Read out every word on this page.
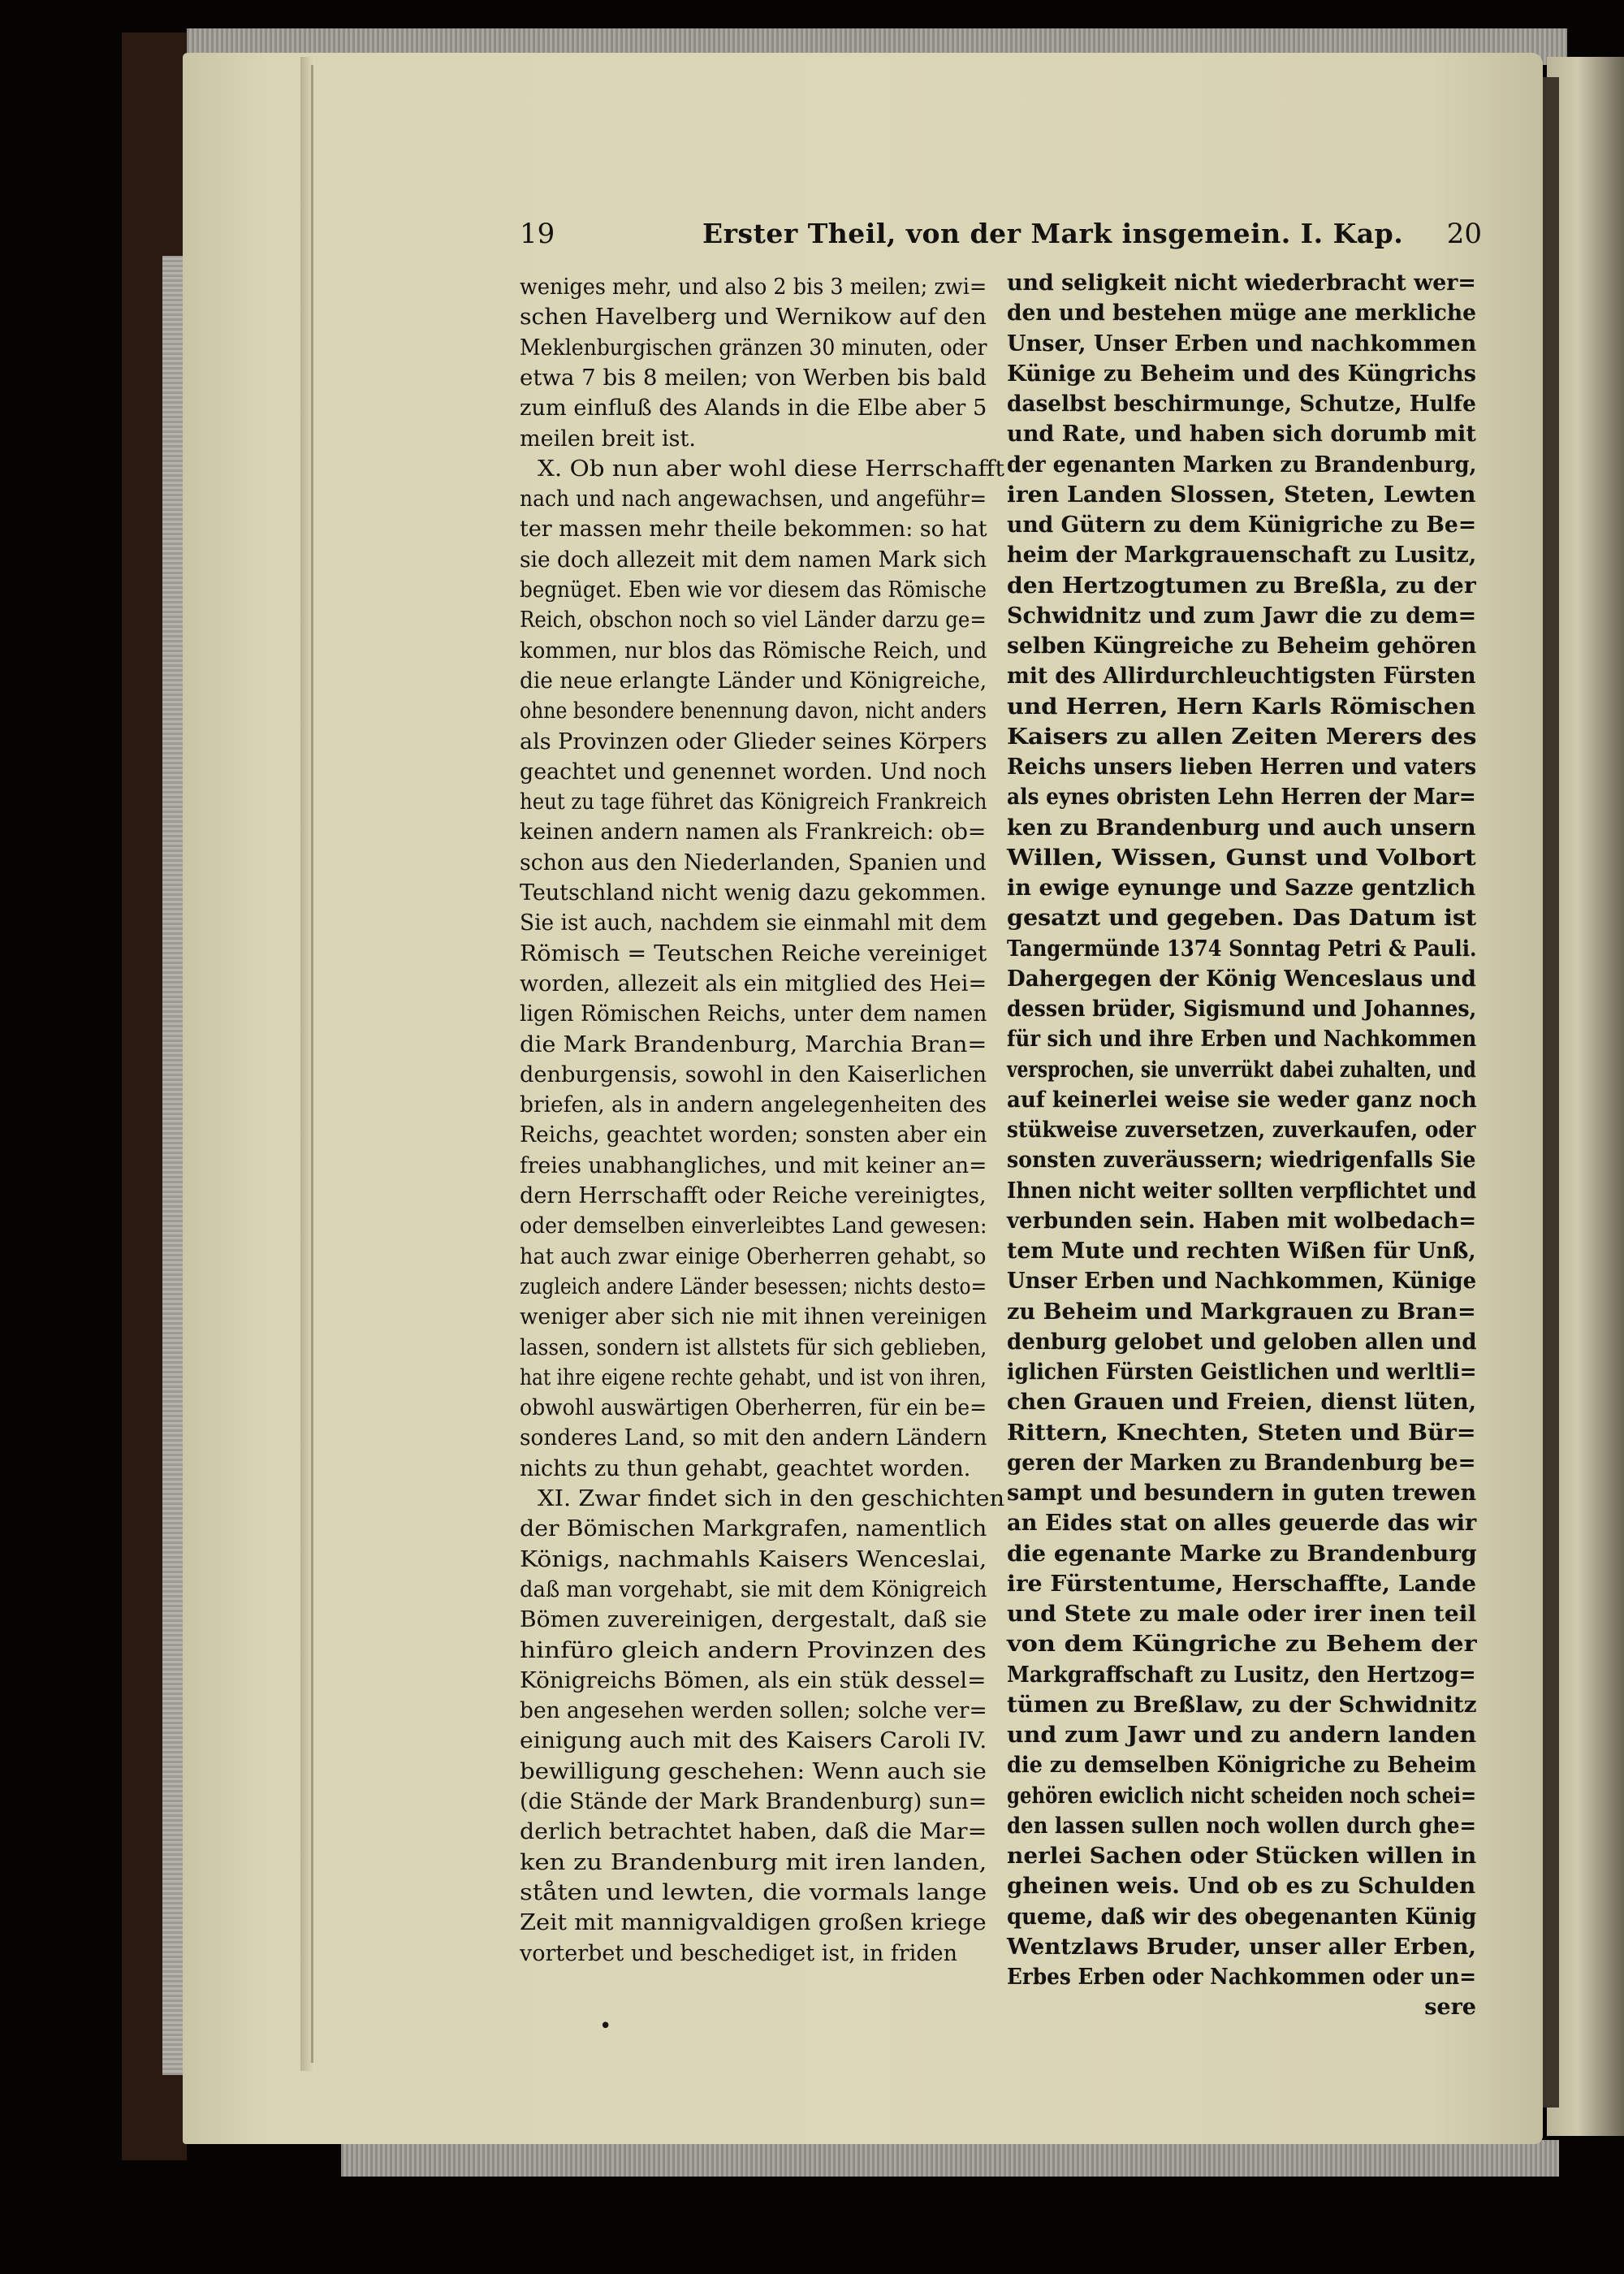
19	Erster Theil, von der Mark insgemein. I. Kap. 20
weniges mehr, und also 2 bis 3 meilen; zwi=
schen Havelberg und Wernikow auf den
Meklenburgischen gränzen 30 minuten, oder
etwa 7 bis 8 meilen; von Werben bis bald
zum einfluß des Alands in die Elbe aber 5
meilen breit ist.
X. Ob nun aber wohl diese Herrschafft
nach und nach angewachsen, und angeführ=
ter massen mehr theile bekommen: so hat
sie doch allezeit mit dem namen Mark sich
begnüget. Eben wie vor diesem das Römische
Reich, obschon noch so viel Länder darzu ge=
kommen, nur blos das Römische Reich, und
die neue erlangte Länder und Königreiche,
ohne besondere benennung davon, nicht anders
als Provinzen oder Glieder seines Körpers
geachtet und genennet worden. Und noch
heut zu tage führet das Königreich Frankreich
keinen andern namen als Frankreich: ob=
schon aus den Niederlanden, Spanien und
Teutschland nicht wenig dazu gekommen.
Sie ist auch, nachdem sie einmahl mit dem
Römisch = Teutschen Reiche vereiniget
worden, allezeit als ein mitglied des Hei=
ligen Römischen Reichs, unter dem namen
die Mark Brandenburg, Marchia Bran=
denburgensis, sowohl in den Kaiserlichen
briefen, als in andern angelegenheiten des
Reichs, geachtet worden; sonsten aber ein
freies unabhangliches, und mit keiner an=
dern Herrschafft oder Reiche vereinigtes,
oder demselben einverleibtes Land gewesen:
hat auch zwar einige Oberherren gehabt, so
zugleich andere Länder besessen; nichts desto=
weniger aber sich nie mit ihnen vereinigen
lassen, sondern ist allstets für sich geblieben,
hat ihre eigene rechte gehabt, und ist von ihren,
obwohl auswärtigen Oberherren, für ein be=
sonderes Land, so mit den andern Ländern
nichts zu thun gehabt, geachtet worden.
XI. Zwar findet sich in den geschichten
der Bömischen Markgrafen, namentlich
Königs, nachmahls Kaisers Wenceslai,
daß man vorgehabt, sie mit dem Königreich
Bömen zuvereinigen, dergestalt, daß sie
hinfüro gleich andern Provinzen des
Königreichs Bömen, als ein stük dessel=
ben angesehen werden sollen; solche ver=
einigung auch mit des Kaisers Caroli IV.
bewilligung geschehen: Wenn auch sie
(die Stände der Mark Brandenburg) sun=
derlich betrachtet haben, daß die Mar=
ken zu Brandenburg mit iren landen,
ståten und lewten, die vormals lange
Zeit mit mannigvaldigen großen kriege
vorterbet und beschediget ist, in friden
und seligkeit nicht wiederbracht wer=
den und bestehen müge ane merkliche
Unser, Unser Erben und nachkommen
Künige zu Beheim und des Küngrichs
daselbst beschirmunge, Schutze, Hulfe
und Rate, und haben sich dorumb mit
der egenanten Marken zu Brandenburg,
iren Landen Slossen, Steten, Lewten
und Gütern zu dem Künigriche zu Be=
heim der Markgrauenschaft zu Lusitz,
den Hertzogtumen zu Breßla, zu der
Schwidnitz und zum Jawr die zu dem=
selben Küngreiche zu Beheim gehören
mit des Allirdurchleuchtigsten Fürsten
und Herren, Hern Karls Römischen
Kaisers zu allen Zeiten Merers des
Reichs unsers lieben Herren und vaters
als eynes obristen Lehn Herren der Mar=
ken zu Brandenburg und auch unsern
Willen, Wissen, Gunst und Volbort
in ewige eynunge und Sazze gentzlich
gesatzt und gegeben. Das Datum ist
Tangermünde 1374 Sonntag Petri & Pauli.
Dahergegen der König Wenceslaus und
dessen brüder, Sigismund und Johannes,
für sich und ihre Erben und Nachkommen
versprochen, sie unverrükt dabei zuhalten, und
auf keinerlei weise sie weder ganz noch
stükweise zuversetzen, zuverkaufen, oder
sonsten zuveräussern; wiedrigenfalls Sie
Ihnen nicht weiter sollten verpflichtet und
verbunden sein. Haben mit wolbedach=
tem Mute und rechten Wißen für Unß,
Unser Erben und Nachkommen, Künige
zu Beheim und Markgrauen zu Bran=
denburg gelobet und geloben allen und
iglichen Fürsten Geistlichen und werltli=
chen Grauen und Freien, dienst lüten,
Rittern, Knechten, Steten und Bür=
geren der Marken zu Brandenburg be=
sampt und besundern in guten trewen
an Eides stat on alles geuerde das wir
die egenante Marke zu Brandenburg
ire Fürstentume, Herschaffte, Lande
und Stete zu male oder irer inen teil
von dem Küngriche zu Behem der
Markgraffschaft zu Lusitz, den Hertzog=
tümen zu Breßlaw, zu der Schwidnitz
und zum Jawr und zu andern landen
die zu demselben Königriche zu Beheim
gehören ewiclich nicht scheiden noch schei=
den lassen sullen noch wollen durch ghe=
nerlei Sachen oder Stücken willen in
gheinen weis. Und ob es zu Schulden
queme, daß wir des obegenanten Künig
Wentzlaws Bruder, unser aller Erben,
Erbes Erben oder Nachkommen oder un=
sere
•
